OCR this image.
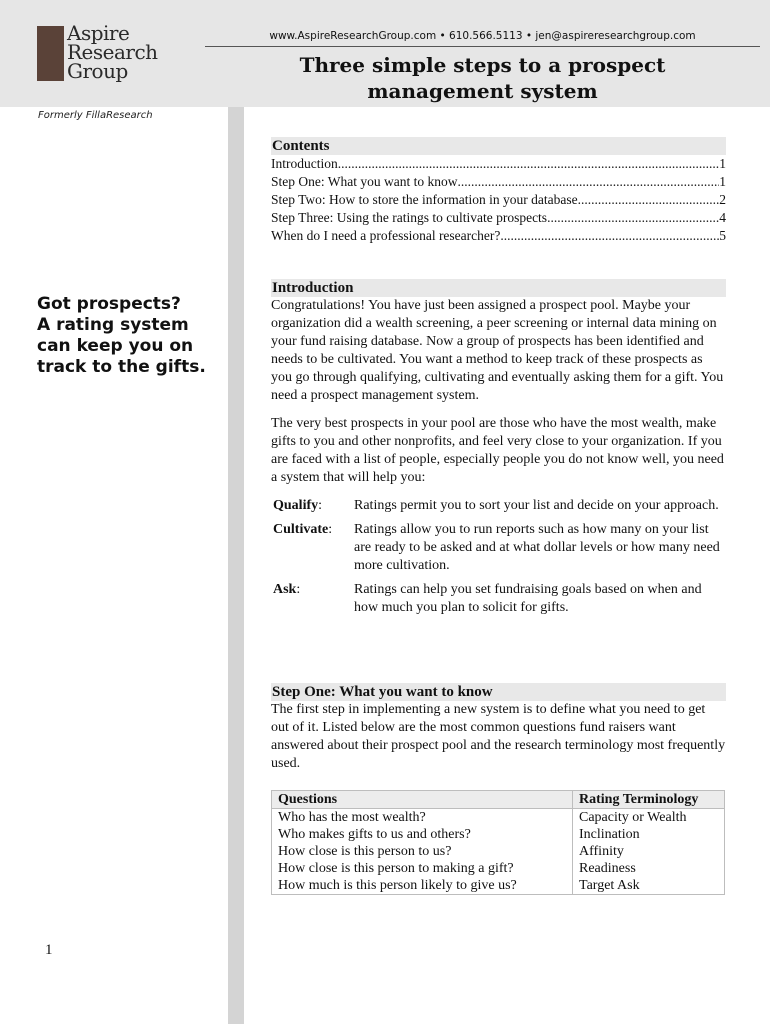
Aspire
Research
Group
www.AspireResearchGroup.com • 610.566.5113 • jen@aspireresearchgroup.com
Three simple steps to a prospect
management system
Formerly FillaResearch
Got prospects?
A rating system
can keep you on
track to the gifts.
1
Contents
Introduction .....	1
Step One: What you want to know .....	1
Step Two: How to store the information in your database .....	2
Step Three: Using the ratings to cultivate prospects .....	4
When do I need a professional researcher? .....	5
Introduction

Congratulations! You have just been assigned a prospect pool. Maybe your organization did a wealth screening, a peer screening or internal data mining on your fund raising database. Now a group of prospects has been identified and needs to be cultivated. You want a method to keep track of these prospects as you go through qualifying, cultivating and eventually asking them for a gift. You need a prospect management system.

The very best prospects in your pool are those who have the most wealth, make gifts to you and other nonprofits, and feel very close to your organization. If you are faced with a list of people, especially people you do not know well, you need a system that will help you:

Qualify:	Ratings permit you to sort your list and decide on your approach.
Cultivate:	Ratings allow you to run reports such as how many on your list are ready to be asked and at what dollar levels or how many need more cultivation.
Ask:	Ratings can help you set fundraising goals based on when and how much you plan to solicit for gifts.
Step One: What you want to know

The first step in implementing a new system is to define what you need to get out of it. Listed below are the most common questions fund raisers want answered about their prospect pool and the research terminology most frequently used.

Questions	Rating Terminology
Who has the most wealth?	Capacity or Wealth
Who makes gifts to us and others?	Inclination
How close is this person to us?	Affinity
How close is this person to making a gift?	Readiness
How much is this person likely to give us?	Target Ask
